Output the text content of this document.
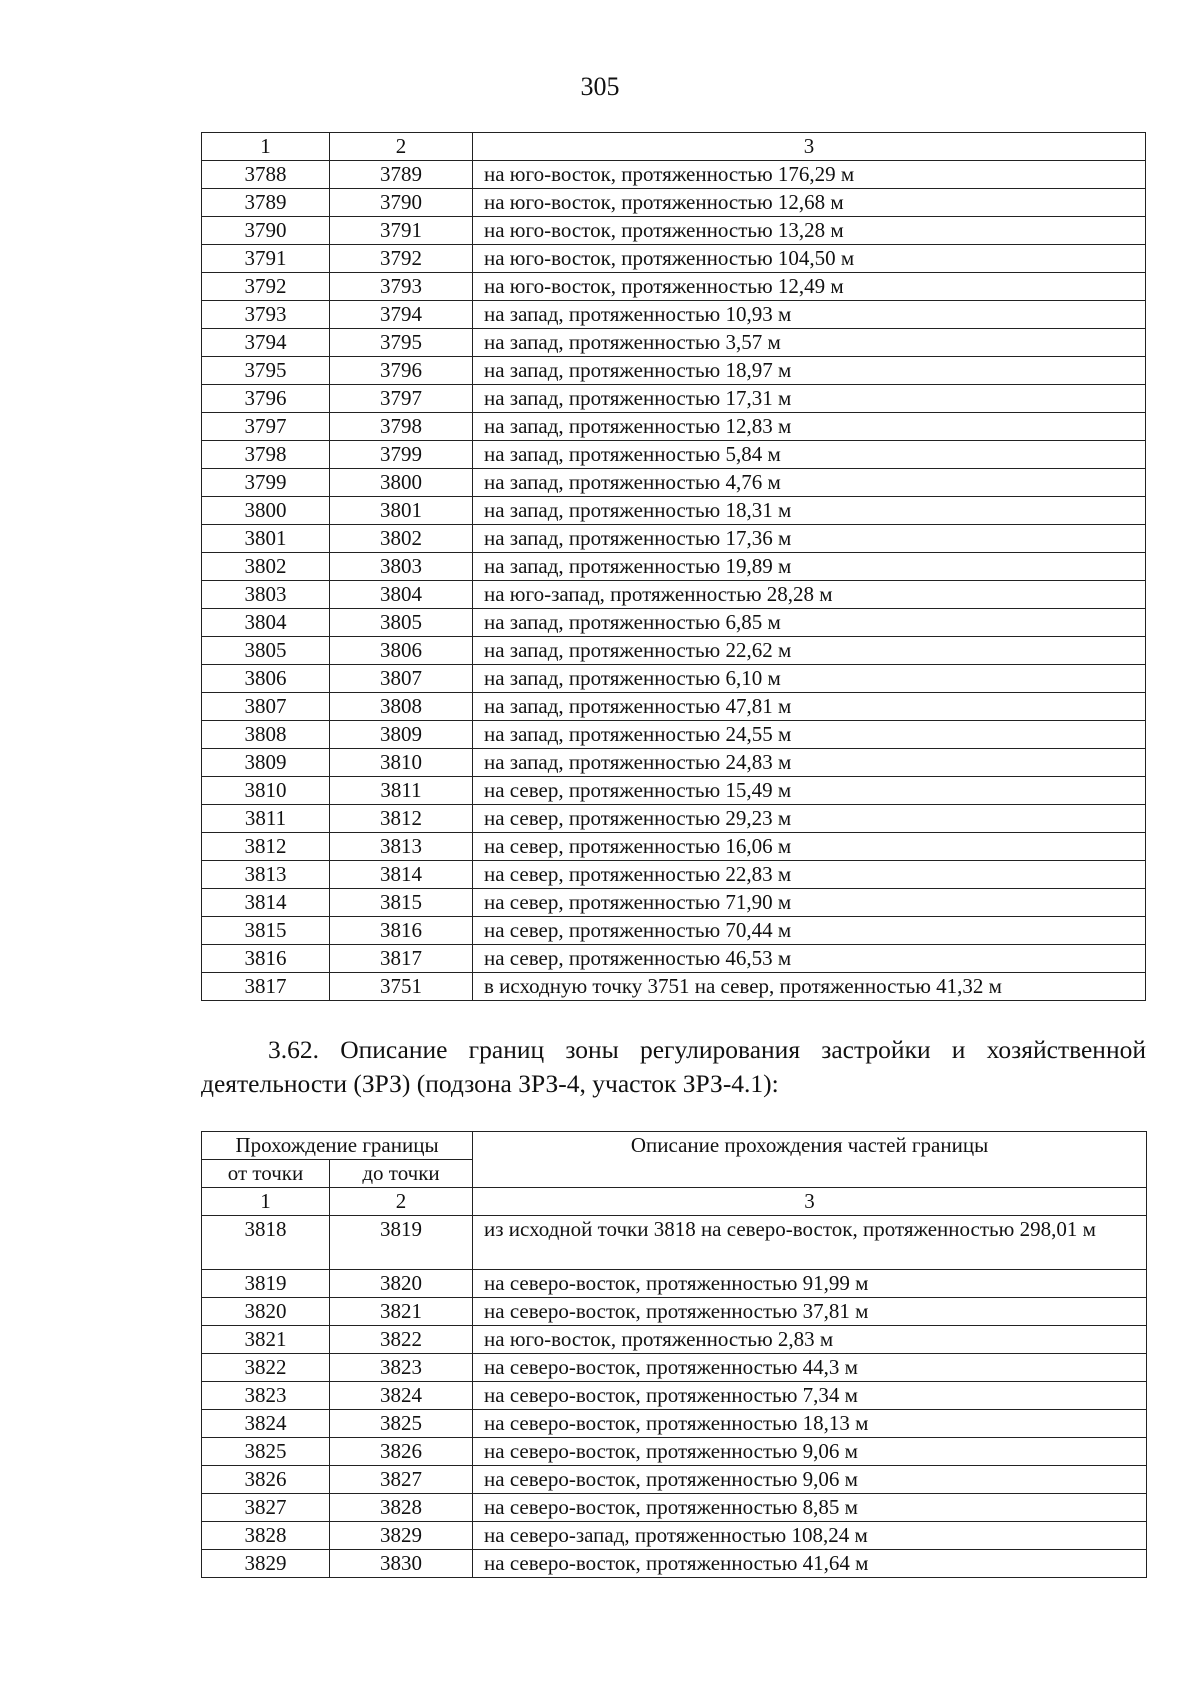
305
1	2	3
3788	3789	на юго-восток, протяженностью 176,29 м
3789	3790	на юго-восток, протяженностью 12,68 м
3790	3791	на юго-восток, протяженностью 13,28 м
3791	3792	на юго-восток, протяженностью 104,50 м
3792	3793	на юго-восток, протяженностью 12,49 м
3793	3794	на запад, протяженностью 10,93 м
3794	3795	на запад, протяженностью 3,57 м
3795	3796	на запад, протяженностью 18,97 м
3796	3797	на запад, протяженностью 17,31 м
3797	3798	на запад, протяженностью 12,83 м
3798	3799	на запад, протяженностью 5,84 м
3799	3800	на запад, протяженностью 4,76 м
3800	3801	на запад, протяженностью 18,31 м
3801	3802	на запад, протяженностью 17,36 м
3802	3803	на запад, протяженностью 19,89 м
3803	3804	на юго-запад, протяженностью 28,28 м
3804	3805	на запад, протяженностью 6,85 м
3805	3806	на запад, протяженностью 22,62 м
3806	3807	на запад, протяженностью 6,10 м
3807	3808	на запад, протяженностью 47,81 м
3808	3809	на запад, протяженностью 24,55 м
3809	3810	на запад, протяженностью 24,83 м
3810	3811	на север, протяженностью 15,49 м
3811	3812	на север, протяженностью 29,23 м
3812	3813	на север, протяженностью 16,06 м
3813	3814	на север, протяженностью 22,83 м
3814	3815	на север, протяженностью 71,90 м
3815	3816	на север, протяженностью 70,44 м
3816	3817	на север, протяженностью 46,53 м
3817	3751	в исходную точку 3751 на север, протяженностью 41,32 м
3.62. Описание границ зоны регулирования застройки и хозяйственной деятельности (ЗРЗ) (подзона ЗРЗ-4, участок ЗРЗ-4.1):
Прохождение границы		Описание прохождения частей границы
от точки	до точки	
1	2	3
3818	3819	из исходной точки 3818 на северо-восток, протяженностью 298,01 м
3819	3820	на северо-восток, протяженностью 91,99 м
3820	3821	на северо-восток, протяженностью 37,81 м
3821	3822	на юго-восток, протяженностью 2,83 м
3822	3823	на северо-восток, протяженностью 44,3 м
3823	3824	на северо-восток, протяженностью 7,34 м
3824	3825	на северо-восток, протяженностью 18,13 м
3825	3826	на северо-восток, протяженностью 9,06 м
3826	3827	на северо-восток, протяженностью 9,06 м
3827	3828	на северо-восток, протяженностью 8,85 м
3828	3829	на северо-запад, протяженностью 108,24 м
3829	3830	на северо-восток, протяженностью 41,64 м
